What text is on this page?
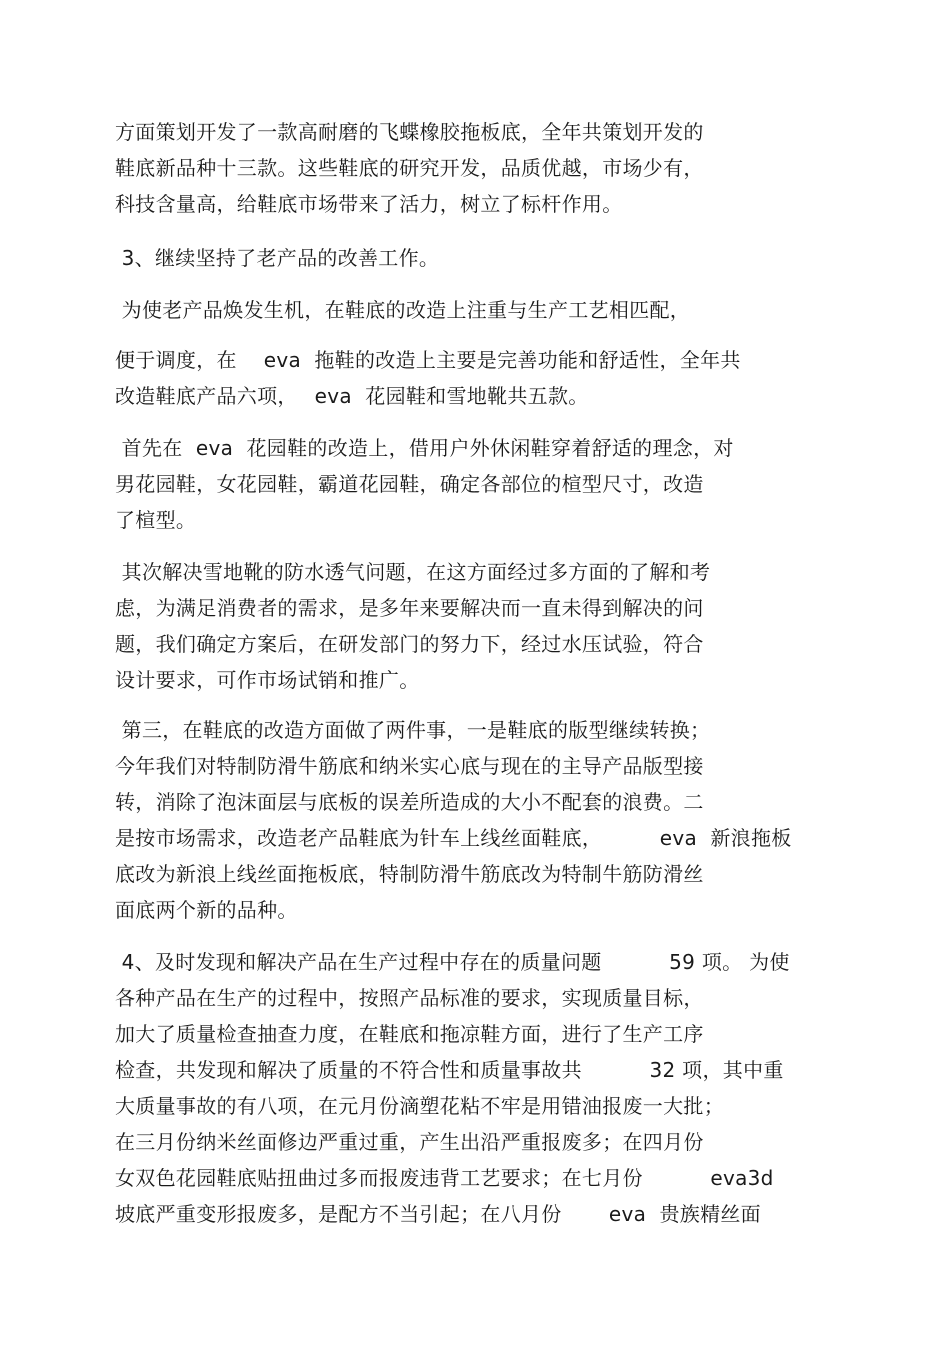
方面策划开发了一款高耐磨的飞蝶橡胶拖板底，全年共策划开发的
鞋底新品种十三款。这些鞋底的研究开发，品质优越，市场少有，
科技含量高，给鞋底市场带来了活力，树立了标杆作用。
3、继续坚持了老产品的改善工作。
为使老产品焕发生机，在鞋底的改造上注重与生产工艺相匹配，
便于调度，在　 eva  拖鞋的改造上主要是完善功能和舒适性，全年共
改造鞋底产品六项，　 eva  花园鞋和雪地靴共五款。
首先在  eva  花园鞋的改造上，借用户外休闲鞋穿着舒适的理念，对
男花园鞋，女花园鞋，霸道花园鞋，确定各部位的楦型尺寸，改造
了楦型。
其次解决雪地靴的防水透气问题，在这方面经过多方面的了解和考
虑，为满足消费者的需求，是多年来要解决而一直未得到解决的问
题，我们确定方案后，在研发部门的努力下，经过水压试验，符合
设计要求，可作市场试销和推广。
第三，在鞋底的改造方面做了两件事，一是鞋底的版型继续转换；
今年我们对特制防滑牛筋底和纳米实心底与现在的主导产品版型接
转，消除了泡沫面层与底板的误差所造成的大小不配套的浪费。二
是按市场需求，改造老产品鞋底为针车上线丝面鞋底，　　　 eva  新浪拖板
底改为新浪上线丝面拖板底，特制防滑牛筋底改为特制牛筋防滑丝
面底两个新的品种。
4、及时发现和解决产品在生产过程中存在的质量问题　　　 59 项。 为使
各种产品在生产的过程中，按照产品标准的要求，实现质量目标，
加大了质量检查抽查力度，在鞋底和拖凉鞋方面，进行了生产工序
检查，共发现和解决了质量的不符合性和质量事故共　　　 32 项，其中重
大质量事故的有八项，在元月份滴塑花粘不牢是用错油报废一大批；
在三月份纳米丝面修边严重过重，产生出沿严重报废多；在四月份
女双色花园鞋底贴扭曲过多而报废违背工艺要求；在七月份　　　 eva3d
坡底严重变形报废多，是配方不当引起；在八月份　　 eva  贵族精丝面
